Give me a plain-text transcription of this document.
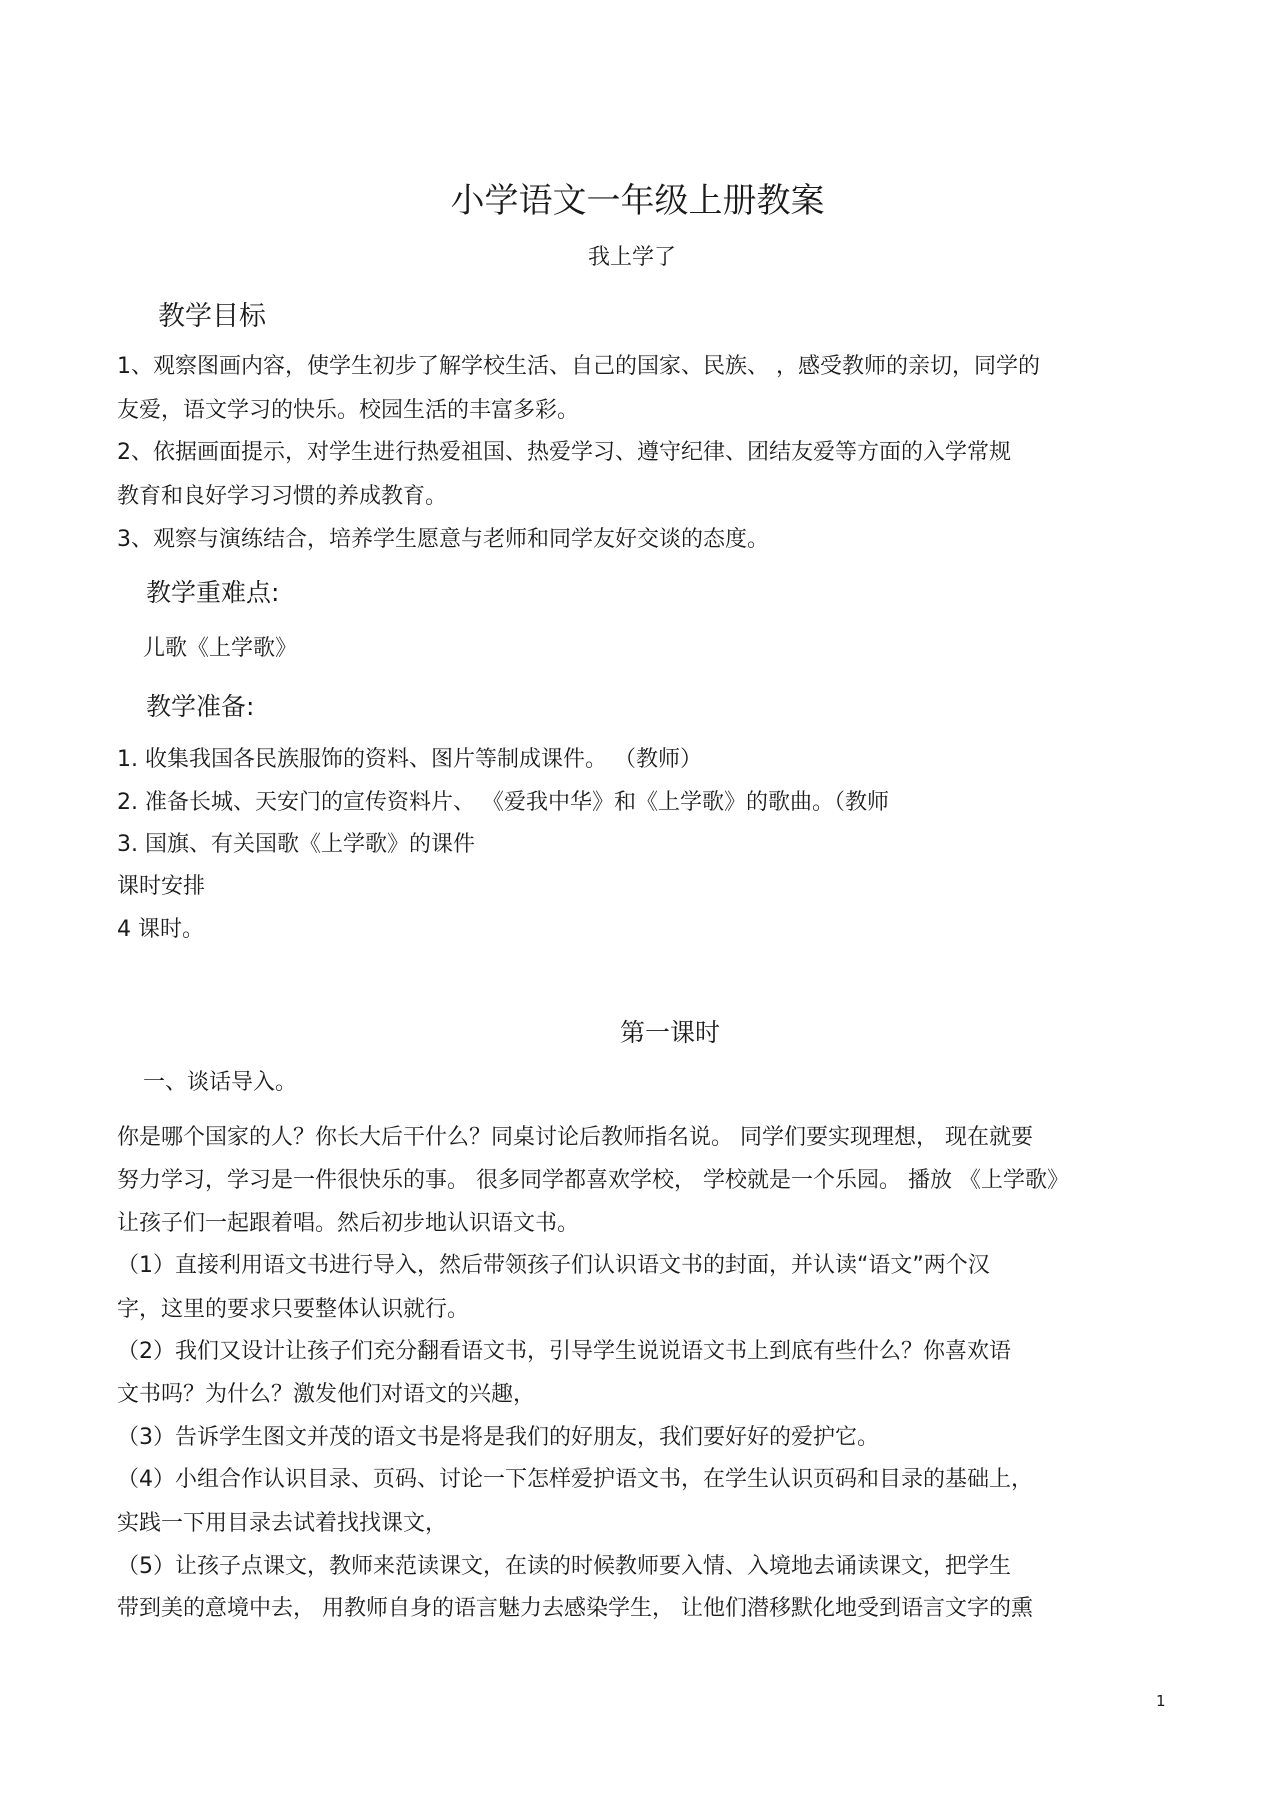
小学语文一年级上册教案
我上学了
教学目标
1、观察图画内容，使学生初步了解学校生活、自己的国家、民族、 ，感受教师的亲切，同学的
友爱，语文学习的快乐。校园生活的丰富多彩。
2、依据画面提示，对学生进行热爱祖国、热爱学习、遵守纪律、团结友爱等方面的入学常规
教育和良好学习习惯的养成教育。
3、观察与演练结合，培养学生愿意与老师和同学友好交谈的态度。
教学重难点:
儿歌《上学歌》
教学准备:
1. 收集我国各民族服饰的资料、图片等制成课件。 （教师）
2. 准备长城、天安门的宣传资料片、 《爱我中华》和《上学歌》的歌曲。（教师
3. 国旗、有关国歌《上学歌》的课件
课时安排
4 课时。
第一课时
一、谈话导入。
你是哪个国家的人？你长大后干什么？同桌讨论后教师指名说。 同学们要实现理想， 现在就要
努力学习，学习是一件很快乐的事。 很多同学都喜欢学校， 学校就是一个乐园。 播放 《上学歌》
让孩子们一起跟着唱。然后初步地认识语文书。
（1）直接利用语文书进行导入，然后带领孩子们认识语文书的封面，并认读“语文”两个汉
字，这里的要求只要整体认识就行。
（2）我们又设计让孩子们充分翻看语文书，引导学生说说语文书上到底有些什么？你喜欢语
文书吗？为什么？激发他们对语文的兴趣，
（3）告诉学生图文并茂的语文书是将是我们的好朋友，我们要好好的爱护它。
（4）小组合作认识目录、页码、讨论一下怎样爱护语文书，在学生认识页码和目录的基础上，
实践一下用目录去试着找找课文，
（5）让孩子点课文，教师来范读课文，在读的时候教师要入情、入境地去诵读课文，把学生
带到美的意境中去， 用教师自身的语言魅力去感染学生， 让他们潜移默化地受到语言文字的熏
1
